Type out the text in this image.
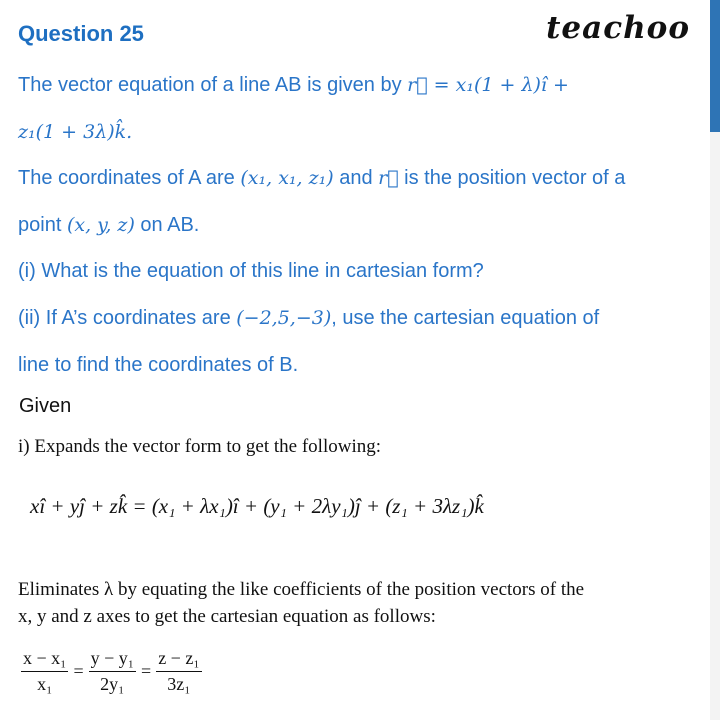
Question 25	teachoo
The vector equation of a line AB is given by r⃗ = x₁(1 + λ)î +
z₁(1 + 3λ)k̂.
The coordinates of A are (x₁, x₁, z₁) and r⃗ is the position vector of a
point (x, y, z) on AB.
(i) What is the equation of this line in cartesian form?
(ii) If A’s coordinates are (−2,5,−3), use the cartesian equation of
line to find the coordinates of B.
Given
i) Expands the vector form to get the following:
xî + yĵ + zk̂ = (x₁ + λx₁)î + (y₁ + 2λy₁)ĵ + (z₁ + 3λz₁)k̂
Eliminates λ by equating the like coefficients of the position vectors of the
x, y and z axes to get the cartesian equation as follows:
$\frac{\text{x − x₁}}{\text{x₁}} = \frac{\text{y − y₁}}{\text{2y₁}} = \frac{\text{z − z₁}}{\text{3z₁}}$
